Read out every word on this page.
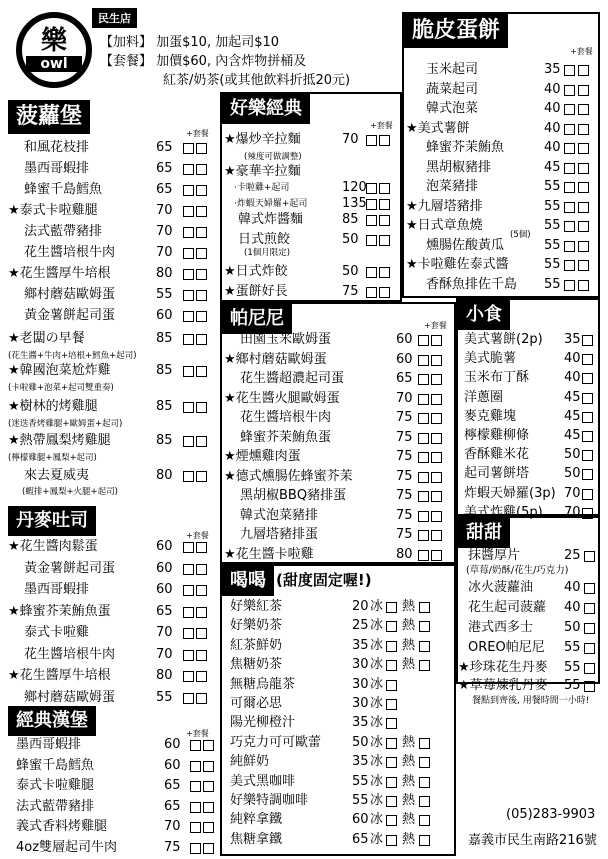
樂
owl
民生店
【加料】 加蛋$10, 加起司$10
【套餐】 加價$60, 內含炸物拼桶及
紅茶/奶茶(或其他飲料折抵20元)
脆皮蛋餅
菠蘿堡	好樂經典
帕尼尼	小食
甜甜
丹麥吐司
經典漢堡
喝喝 (甜度固定喔!)
+套餐
+套餐
+套餐
+套餐
+套餐
+套餐
和風花枝排	65
墨西哥蝦排	65
蜂蜜千島鱈魚	65
★泰式卡啦雞腿	70
法式藍帶豬排	70
花生醬培根牛肉	70
★花生醬厚牛培根	80
鄉村蘑菇歐姆蛋	55
黃金薯餅起司蛋	60
★老闆の早餐	85
★韓國泡菜尬炸雞	85
★樹林的烤雞腿	85
★熱帶鳳梨烤雞腿	85
來去夏威夷	80
★花生醬肉鬆蛋	60
黃金薯餅起司蛋	60
墨西哥蝦排	60
★蜂蜜芥茉鮪魚蛋	65
泰式卡啦雞	70
花生醬培根牛肉	70
★花生醬厚牛培根	80
鄉村蘑菇歐姆蛋	55
墨西哥蝦排	60
蜂蜜千島鱈魚	60
泰式卡啦雞腿	65
法式藍帶豬排	65
義式香料烤雞腿	70
4oz雙層起司牛肉	75
★爆炒辛拉麵	70
★豪華辛拉麵
·卡啦雞+起司	120
·炸蝦天婦羅+起司	135
韓式炸醬麵	85
日式煎餃	50
★日式炸餃	50
★蛋餅好長	75
田園玉米歐姆蛋	60
★鄉村蘑菇歐姆蛋	60
花生醬超濃起司蛋	65
★花生醬火腿歐姆蛋	70
花生醬培根牛肉	75
蜂蜜芥茉鮪魚蛋	75
★煙燻雞肉蛋	75
★德式燻腸佐蜂蜜芥茉	75
黑胡椒BBQ豬排蛋	75
韓式泡菜豬排	75
九層塔豬排蛋	75
★花生醬卡啦雞	80
好樂紅茶	20 冰 熱
好樂奶茶	25 冰 熱
紅茶鮮奶	35 冰 熱
焦糖奶茶	30 冰 熱
無糖烏龍茶	30 冰
可爾必思	30 冰
陽光柳橙汁	35 冰
巧克力可可歐蕾 50 冰 熱
純鮮奶	35 冰 熱
美式黑咖啡	55 冰 熱
好樂特調咖啡	55 冰 熱
純粹拿鐵	60 冰 熱
焦糖拿鐵	65 冰 熱
玉米起司	35
蔬菜起司	40
韓式泡菜	40
★美式薯餅	40
蜂蜜芥茉鮪魚	40
黑胡椒豬排	45
泡菜豬排	55
★九層塔豬排	55
★日式章魚燒	55
燻腸佐酸黃瓜	55
★卡啦雞佐泰式醬	55
香酥魚排佐千島 55
美式薯餅(2p) 35
美式脆薯	40
玉米布丁酥	40
洋蔥圈	45
麥克雞塊	45
檸檬雞柳條	45
香酥雞米花	50
起司薯餅塔	50
炸蝦天婦羅(3p) 70
美式炸雞(5p) 70
抹醬厚片	25
冰火菠蘿油 40
花生起司菠蘿 40
港式西多士 50
OREO帕尼尼 55
★珍珠花生丹麥 55
★草莓煉乳丹麥 55
(花生醬+牛肉+培根+鱈魚+起司)
(卡啦雞+泡菜+起司雙重奏)
(迷迭香烤雞腿+歐姆蛋+起司)
(檸檬雞腿+鳳梨+起司)
(蝦排+鳳梨+火腿+起司)
(辣度可做調整)
(1個月限定)
(5個)
(草莓/奶酥/花生/巧克力)
餐點到齊後, 用餐時間一小時!
(05)283-9903
嘉義市民生南路216號
